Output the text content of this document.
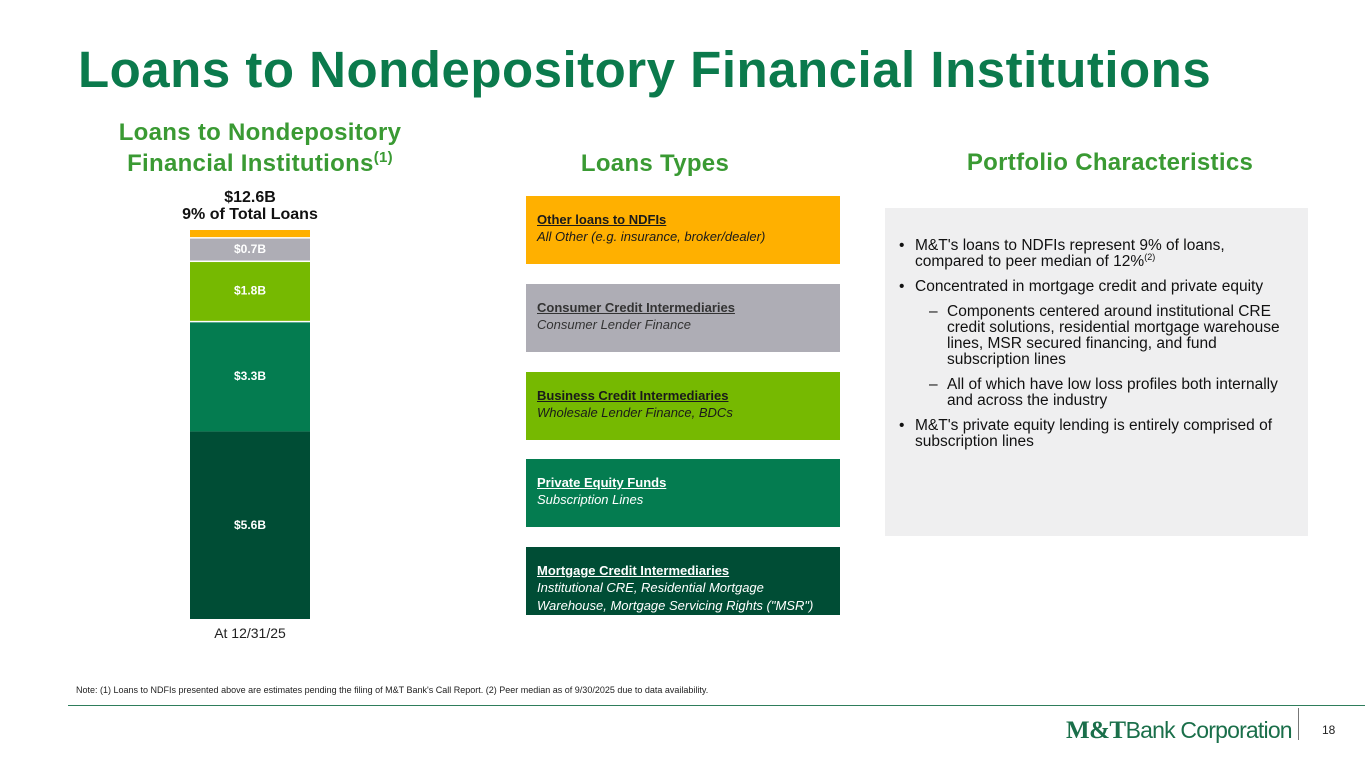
Loans to Nondepository Financial Institutions
Loans to Nondepository
Financial Institutions$^{(1)}$	Loans Types	Portfolio Characteristics
$12.6B
9% of Total Loans
$5.6B
$3.3B
$1.8B
$0.7B
At 12/31/25
Other loans to NDFIs
All Other (e.g. insurance, broker/dealer)
Consumer Credit Intermediaries
Consumer Lender Finance
Business Credit Intermediaries
Wholesale Lender Finance, BDCs
Private Equity Funds
Subscription Lines
Mortgage Credit Intermediaries
Institutional CRE, Residential Mortgage Warehouse, Mortgage Servicing Rights ("MSR")
• M&T's loans to NDFIs represent 9% of loans, compared to peer median of 12%$^{(2)}$
• Concentrated in mortgage credit and private equity
– Components centered around institutional CRE credit solutions, residential mortgage warehouse lines, MSR secured financing, and fund subscription lines
– All of which have low loss profiles both internally and across the industry
• M&T's private equity lending is entirely comprised of subscription lines
Note: (1) Loans to NDFIs presented above are estimates pending the filing of M&T Bank's Call Report. (2) Peer median as of 9/30/2025 due to data availability.
M&TBank Corporation	18
